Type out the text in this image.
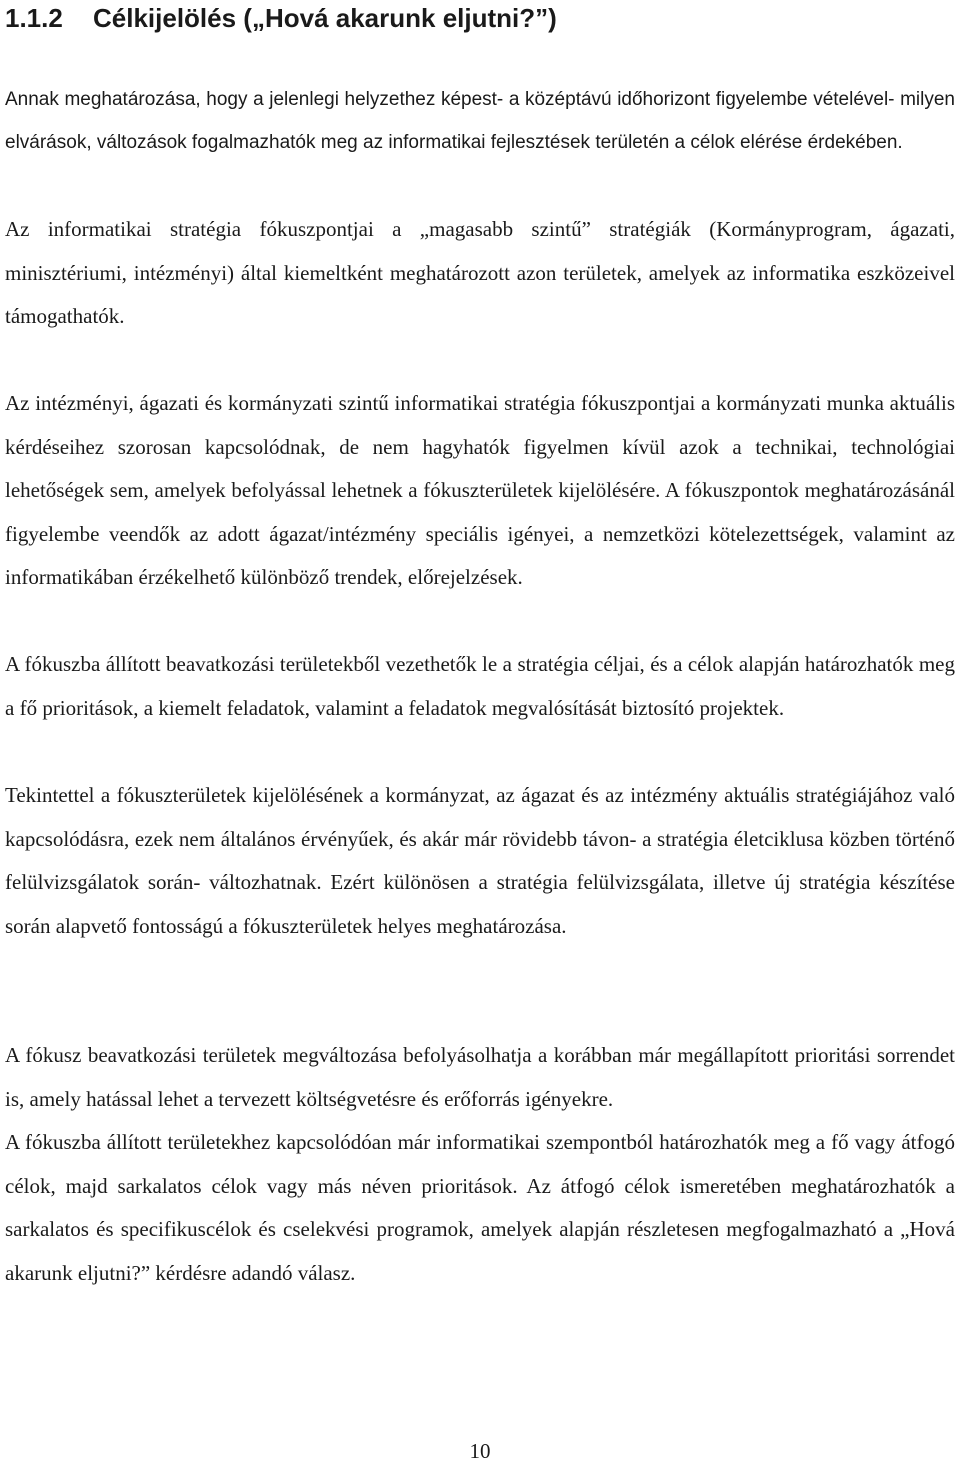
1.1.2 Célkijelölés („Hová akarunk eljutni?”)

Annak meghatározása, hogy a jelenlegi helyzethez képest- a középtávú időhorizont figyelembe vételével- milyen elvárások, változások fogalmazhatók meg az informatikai fejlesztések területén a célok elérése érdekében.

Az informatikai stratégia fókuszpontjai a „magasabb szintű” stratégiák (Kormányprogram, ágazati, minisztériumi, intézményi) által kiemeltként meghatározott azon területek, amelyek az informatika eszközeivel támogathatók.

Az intézményi, ágazati és kormányzati szintű informatikai stratégia fókuszpontjai a kormányzati munka aktuális kérdéseihez szorosan kapcsolódnak, de nem hagyhatók figyelmen kívül azok a technikai, technológiai lehetőségek sem, amelyek befolyással lehetnek a fókuszterületek kijelölésére. A fókuszpontok meghatározásánál figyelembe veendők az adott ágazat/intézmény speciális igényei, a nemzetközi kötelezettségek, valamint az informatikában érzékelhető különböző trendek, előrejelzések.

A fókuszba állított beavatkozási területekből vezethetők le a stratégia céljai, és a célok alapján határozhatók meg a fő prioritások, a kiemelt feladatok, valamint a feladatok megvalósítását biztosító projektek.

Tekintettel a fókuszterületek kijelölésének a kormányzat, az ágazat és az intézmény aktuális stratégiájához való kapcsolódásra, ezek nem általános érvényűek, és akár már rövidebb távon- a stratégia életciklusa közben történő felülvizsgálatok során- változhatnak. Ezért különösen a stratégia felülvizsgálata, illetve új stratégia készítése során alapvető fontosságú a fókuszterületek helyes meghatározása.

A fókusz beavatkozási területek megváltozása befolyásolhatja a korábban már megállapított prioritási sorrendet is, amely hatással lehet a tervezett költségvetésre és erőforrás igényekre.

A fókuszba állított területekhez kapcsolódóan már informatikai szempontból határozhatók meg a fő vagy átfogó célok, majd sarkalatos célok vagy más néven prioritások. Az átfogó célok ismeretében meghatározhatók a sarkalatos és specifikuscélok és cselekvési programok, amelyek alapján részletesen megfogalmazható a „Hová akarunk eljutni?” kérdésre adandó válasz.

10
